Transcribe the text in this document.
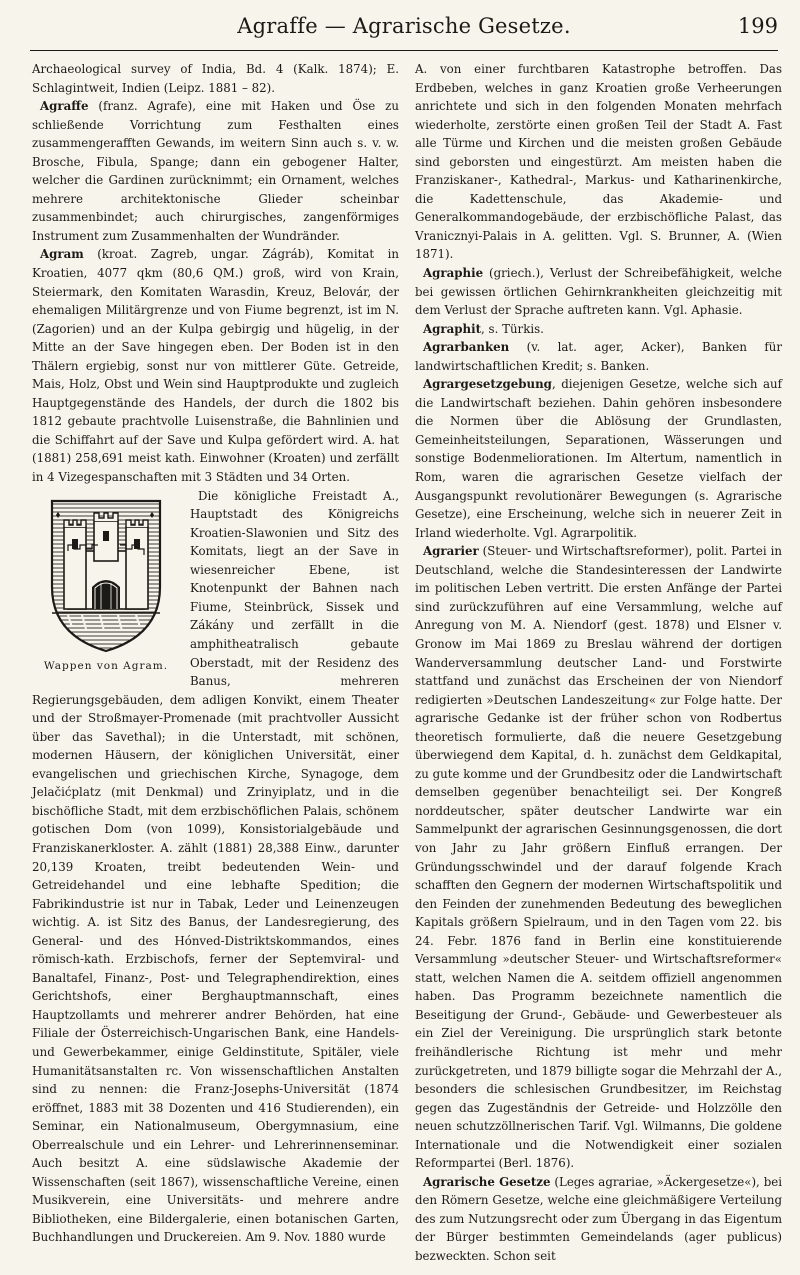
Agraffe — Agrarische Gesetze.	199

Archaeological survey of India, Bd. 4 (Kalk. 1874); E. Schlagintweit, Indien (Leipz. 1881 – 82).

Agraffe (franz. Agrafe), eine mit Haken und Öse zu schließende Vorrichtung zum Festhalten eines zusammengerafften Gewands, im weitern Sinn auch s. v. w. Brosche, Fibula, Spange; dann ein gebogener Halter, welcher die Gardinen zurücknimmt; ein Ornament, welches mehrere architektonische Glieder scheinbar zusammenbindet; auch chirurgisches, zangenförmiges Instrument zum Zusammenhalten der Wundränder.

Agram (kroat. Zagreb, ungar. Zágráb), Komitat in Kroatien, 4077 qkm (80,6 QM.) groß, wird von Krain, Steiermark, den Komitaten Warasdin, Kreuz, Belovár, der ehemaligen Militärgrenze und von Fiume begrenzt, ist im N. (Zagorien) und an der Kulpa gebirgig und hügelig, in der Mitte an der Save hingegen eben. Der Boden ist in den Thälern ergiebig, sonst nur von mittlerer Güte. Getreide, Mais, Holz, Obst und Wein sind Hauptprodukte und zugleich Hauptgegenstände des Handels, der durch die 1802 bis 1812 gebaute prachtvolle Luisenstraße, die Bahnlinien und die Schiffahrt auf der Save und Kulpa gefördert wird. A. hat (1881) 258,691 meist kath. Einwohner (Kroaten) und zerfällt in 4 Vizegespanschaften mit 3 Städten und 34 Orten.

Wappen von Agram.

Die königliche Freistadt A., Hauptstadt des Königreichs Kroatien-Slawonien und Sitz des Komitats, liegt an der Save in wiesenreicher Ebene, ist Knotenpunkt der Bahnen nach Fiume, Steinbrück, Sissek und Zákány und zerfällt in die amphitheatralisch gebaute Oberstadt, mit der Residenz des Banus, mehreren Regierungsgebäuden, dem adligen Konvikt, einem Theater und der Stroßmayer-Promenade (mit prachtvoller Aussicht über das Savethal); in die Unterstadt, mit schönen, modernen Häusern, der königlichen Universität, einer evangelischen und griechischen Kirche, Synagoge, dem Jelačićplatz (mit Denkmal) und Zrinyiplatz, und in die bischöfliche Stadt, mit dem erzbischöflichen Palais, schönem gotischen Dom (von 1099), Konsistorialgebäude und Franziskanerkloster. A. zählt (1881) 28,388 Einw., darunter 20,139 Kroaten, treibt bedeutenden Wein- und Getreidehandel und eine lebhafte Spedition; die Fabrikindustrie ist nur in Tabak, Leder und Leinenzeugen wichtig. A. ist Sitz des Banus, der Landesregierung, des General- und des Hónved-Distriktskommandos, eines römisch-kath. Erzbischofs, ferner der Septemviral- und Banaltafel, Finanz-, Post- und Telegraphendirektion, eines Gerichtshofs, einer Berghauptmannschaft, eines Hauptzollamts und mehrerer andrer Behörden, hat eine Filiale der Österreichisch-Ungarischen Bank, eine Handels- und Gewerbekammer, einige Geldinstitute, Spitäler, viele Humanitätsanstalten rc. Von wissenschaftlichen Anstalten sind zu nennen: die Franz-Josephs-Universität (1874 eröffnet, 1883 mit 38 Dozenten und 416 Studierenden), ein Seminar, ein Nationalmuseum, Obergymnasium, eine Oberrealschule und ein Lehrer- und Lehrerinnenseminar. Auch besitzt A. eine südslawische Akademie der Wissenschaften (seit 1867), wissenschaftliche Vereine, einen Musikverein, eine Universitäts- und mehrere andre Bibliotheken, eine Bildergalerie, einen botanischen Garten, Buchhandlungen und Druckereien. Am 9. Nov. 1880 wurde

A. von einer furchtbaren Katastrophe betroffen. Das Erdbeben, welches in ganz Kroatien große Verheerungen anrichtete und sich in den folgenden Monaten mehrfach wiederholte, zerstörte einen großen Teil der Stadt A. Fast alle Türme und Kirchen und die meisten großen Gebäude sind geborsten und eingestürzt. Am meisten haben die Franziskaner-, Kathedral-, Markus- und Katharinenkirche, die Kadettenschule, das Akademie- und Generalkommandogebäude, der erzbischöfliche Palast, das Vranicznyi-Palais in A. gelitten. Vgl. S. Brunner, A. (Wien 1871).

Agraphie (griech.), Verlust der Schreibefähigkeit, welche bei gewissen örtlichen Gehirnkrankheiten gleichzeitig mit dem Verlust der Sprache auftreten kann. Vgl. Aphasie.

Agraphit, s. Türkis.

Agrarbanken (v. lat. ager, Acker), Banken für landwirtschaftlichen Kredit; s. Banken.

Agrargesetzgebung, diejenigen Gesetze, welche sich auf die Landwirtschaft beziehen. Dahin gehören insbesondere die Normen über die Ablösung der Grundlasten, Gemeinheitsteilungen, Separationen, Wässerungen und sonstige Bodenmeliorationen. Im Altertum, namentlich in Rom, waren die agrarischen Gesetze vielfach der Ausgangspunkt revolutionärer Bewegungen (s. Agrarische Gesetze), eine Erscheinung, welche sich in neuerer Zeit in Irland wiederholte. Vgl. Agrarpolitik.

Agrarier (Steuer- und Wirtschaftsreformer), polit. Partei in Deutschland, welche die Standesinteressen der Landwirte im politischen Leben vertritt. Die ersten Anfänge der Partei sind zurückzuführen auf eine Versammlung, welche auf Anregung von M. A. Niendorf (gest. 1878) und Elsner v. Gronow im Mai 1869 zu Breslau während der dortigen Wanderversammlung deutscher Land- und Forstwirte stattfand und zunächst das Erscheinen der von Niendorf redigierten »Deutschen Landeszeitung« zur Folge hatte. Der agrarische Gedanke ist der früher schon von Rodbertus theoretisch formulierte, daß die neuere Gesetzgebung überwiegend dem Kapital, d. h. zunächst dem Geldkapital, zu gute komme und der Grundbesitz oder die Landwirtschaft demselben gegenüber benachteiligt sei. Der Kongreß norddeutscher, später deutscher Landwirte war ein Sammelpunkt der agrarischen Gesinnungsgenossen, die dort von Jahr zu Jahr größern Einfluß errangen. Der Gründungsschwindel und der darauf folgende Krach schafften den Gegnern der modernen Wirtschaftspolitik und den Feinden der zunehmenden Bedeutung des beweglichen Kapitals größern Spielraum, und in den Tagen vom 22. bis 24. Febr. 1876 fand in Berlin eine konstituierende Versammlung »deutscher Steuer- und Wirtschaftsreformer« statt, welchen Namen die A. seitdem offiziell angenommen haben. Das Programm bezeichnete namentlich die Beseitigung der Grund-, Gebäude- und Gewerbesteuer als ein Ziel der Vereinigung. Die ursprünglich stark betonte freihändlerische Richtung ist mehr und mehr zurückgetreten, und 1879 billigte sogar die Mehrzahl der A., besonders die schlesischen Grundbesitzer, im Reichstag gegen das Zugeständnis der Getreide- und Holzzölle den neuen schutzzöllnerischen Tarif. Vgl. Wilmanns, Die goldene Internationale und die Notwendigkeit einer sozialen Reformpartei (Berl. 1876).

Agrarische Gesetze (Leges agrariae, »Äckergesetze«), bei den Römern Gesetze, welche eine gleichmäßigere Verteilung des zum Nutzungsrecht oder zum Übergang in das Eigentum der Bürger bestimmten Gemeindelands (ager publicus) bezweckten. Schon seit
